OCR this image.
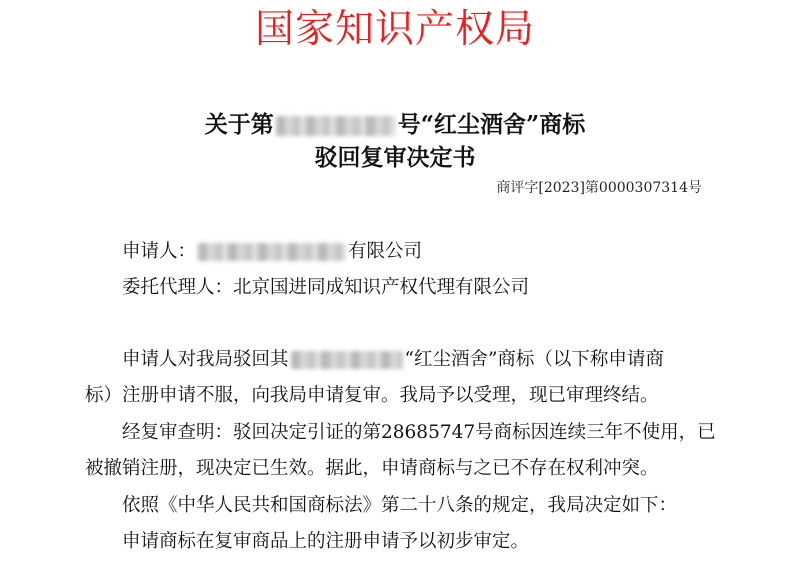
国家知识产权局
关于第	号“红尘酒舍”商标
驳回复审决定书
商评字[2023]第0000307314号
申请人：	有限公司
委托代理人：北京国进同成知识产权代理有限公司
申请人对我局驳回其	“红尘酒舍”商标（以下称申请商
标）注册申请不服，向我局申请复审。我局予以受理，现已审理终结。
经复审查明：驳回决定引证的第28685747号商标因连续三年不使用，已
被撤销注册，现决定已生效。据此，申请商标与之已不存在权利冲突。
依照《中华人民共和国商标法》第二十八条的规定，我局决定如下：
申请商标在复审商品上的注册申请予以初步审定。
